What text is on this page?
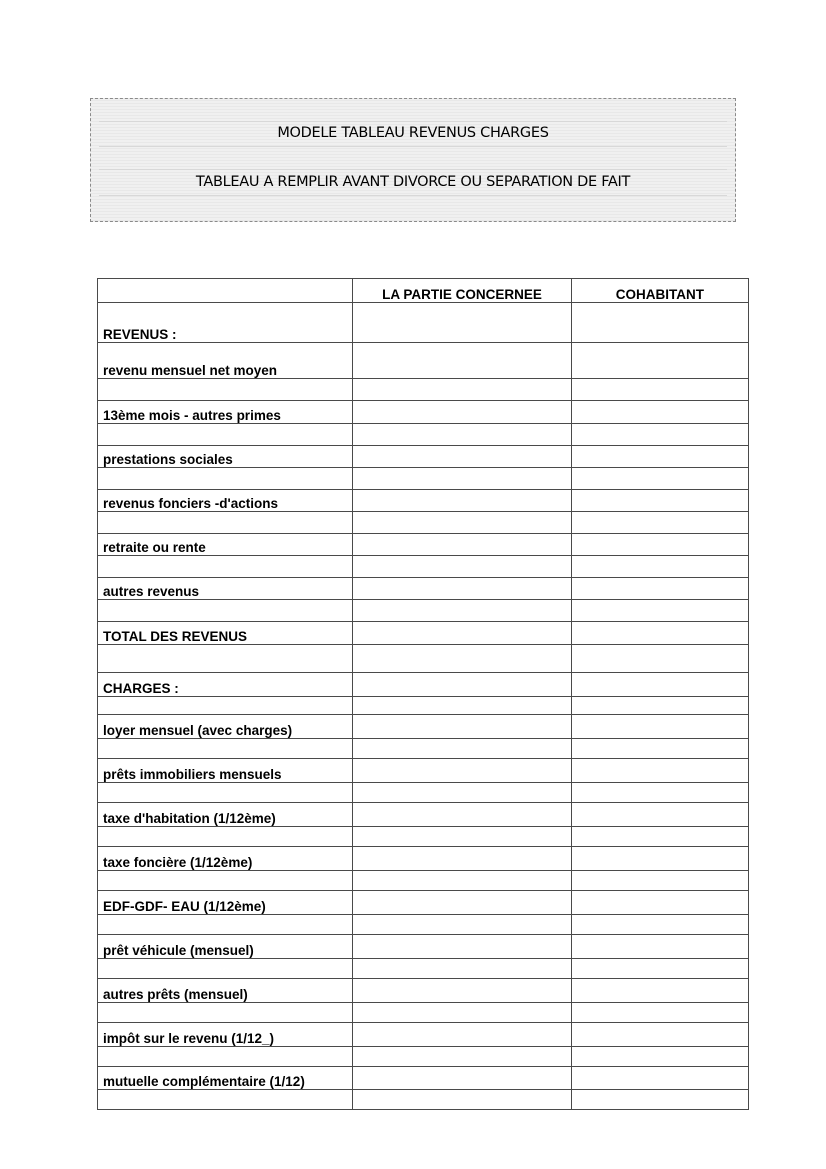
MODELE TABLEAU REVENUS CHARGES
TABLEAU A REMPLIR AVANT DIVORCE OU SEPARATION DE FAIT
	LA PARTIE CONCERNEE	COHABITANT
REVENUS :		
revenu mensuel net moyen		

13ème mois - autres primes		

prestations sociales		

revenus fonciers -d'actions		

retraite ou rente		

autres revenus		

TOTAL DES REVENUS		

CHARGES :		

loyer mensuel (avec charges)		

prêts immobiliers mensuels		

taxe d'habitation (1/12ème)		

taxe foncière (1/12ème)		

EDF-GDF- EAU (1/12ème)		

prêt véhicule (mensuel)		

autres prêts (mensuel)		

impôt sur le revenu (1/12_)		

mutuelle complémentaire (1/12)		
